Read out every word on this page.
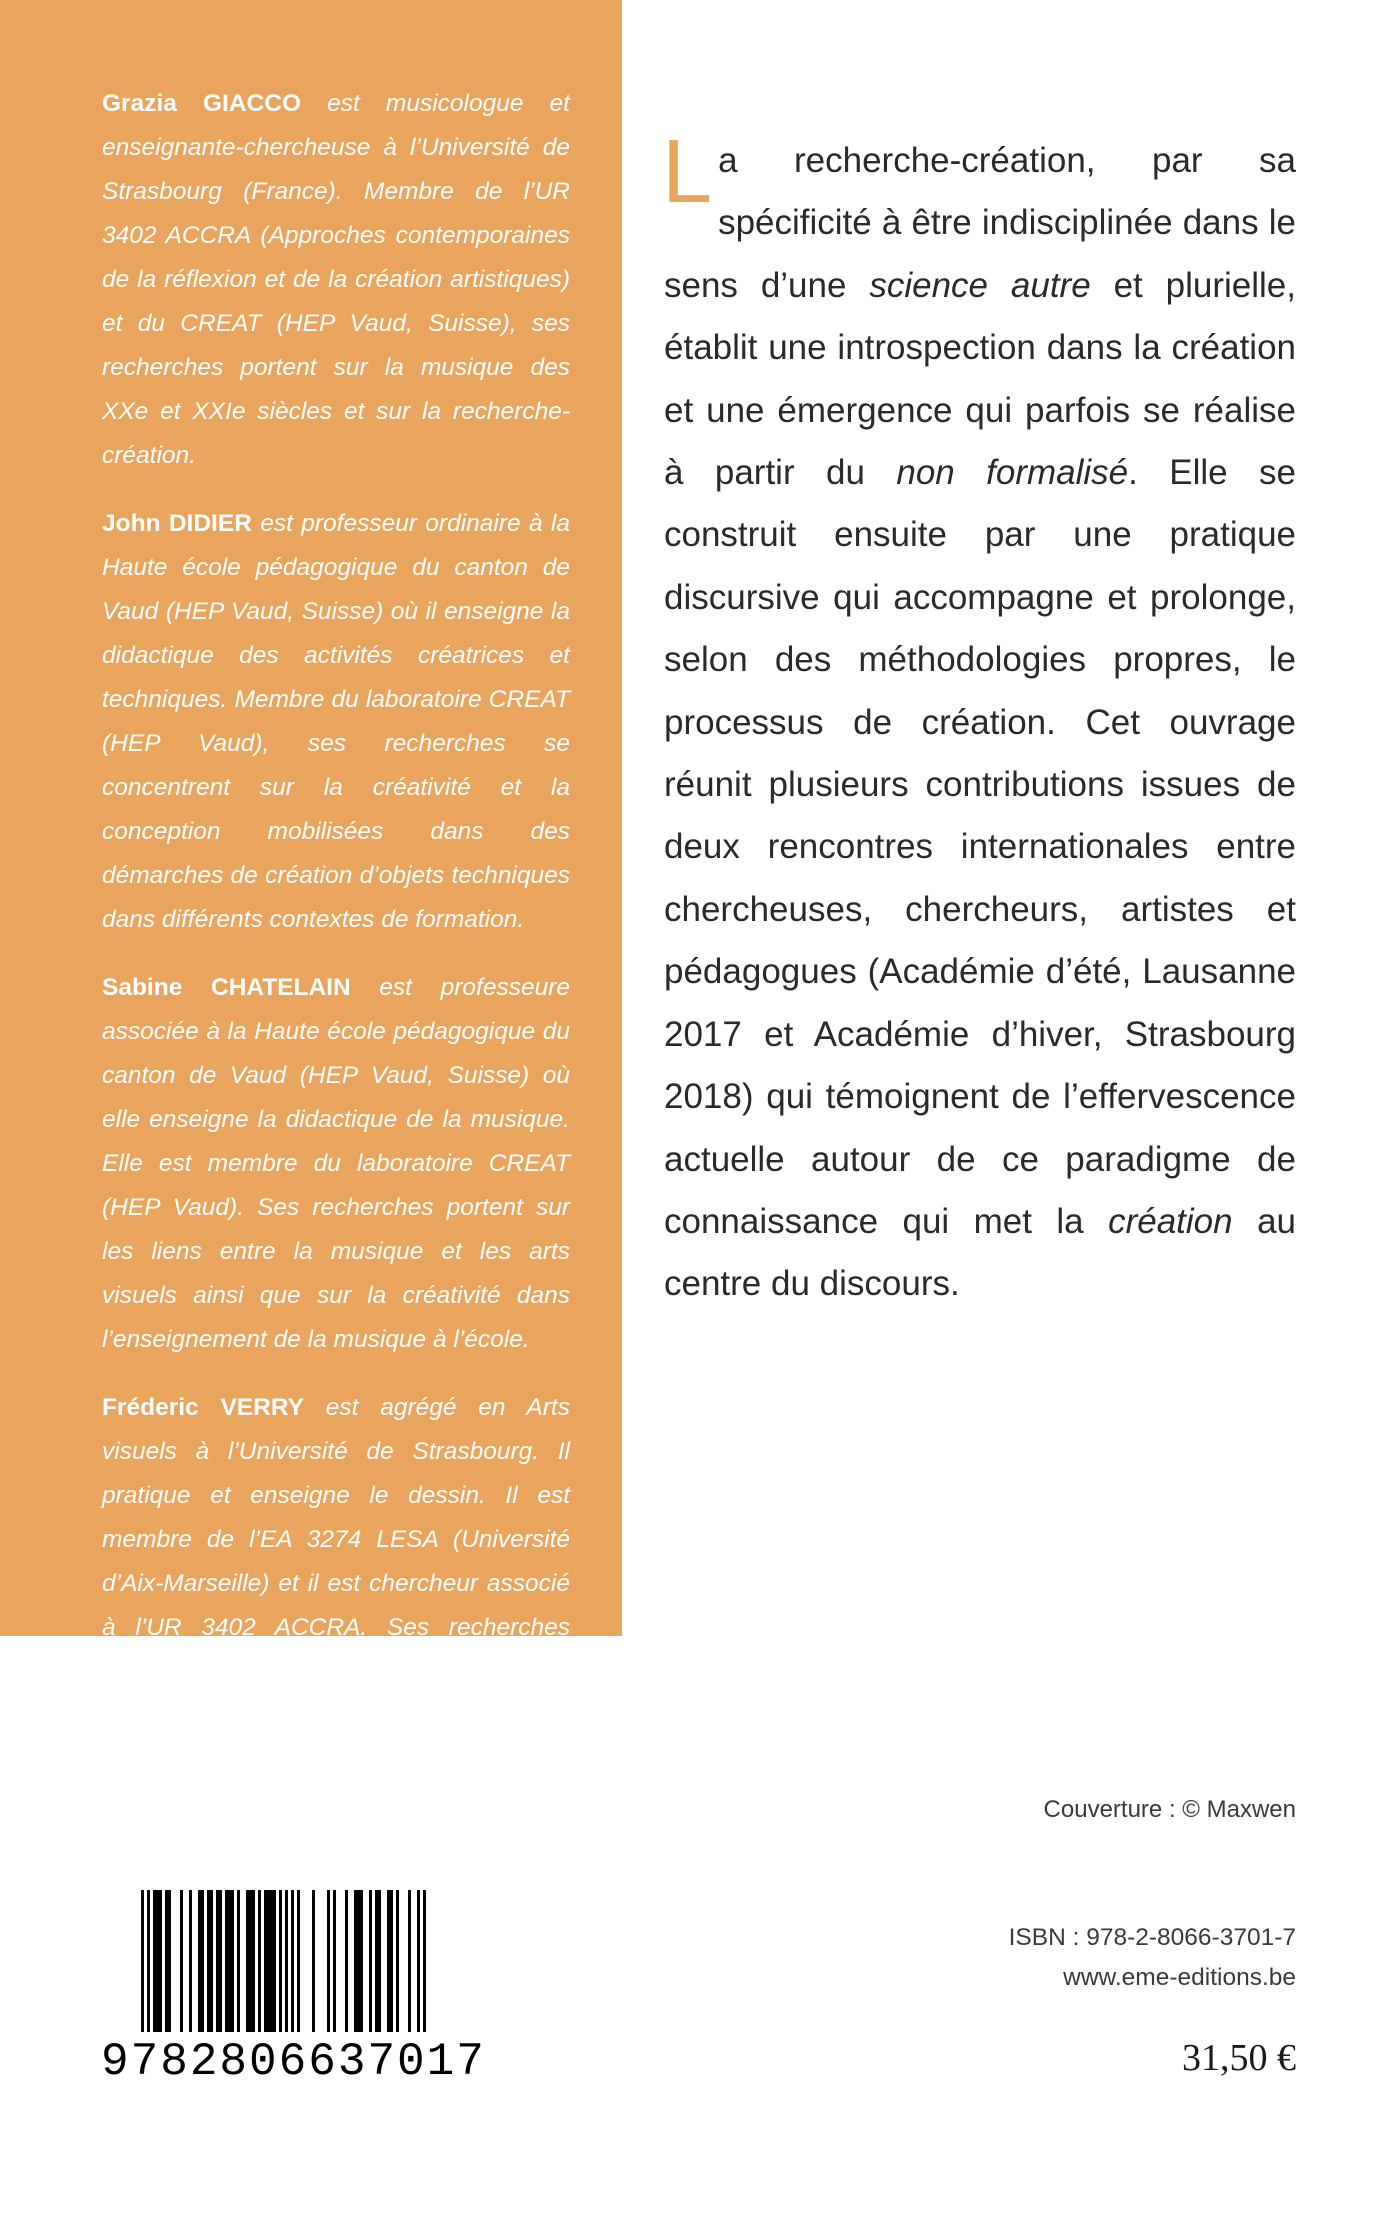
Grazia GIACCO est musicologue et enseignante-chercheuse à l’Université de Strasbourg (France). Membre de l’UR 3402 ACCRA (Approches contemporaines de la réflexion et de la création artistiques) et du CREAT (HEP Vaud, Suisse), ses recherches portent sur la musique des XXe et XXIe siècles et sur la recherche-création.

John DIDIER est professeur ordinaire à la Haute école pédagogique du canton de Vaud (HEP Vaud, Suisse) où il enseigne la didactique des activités créatrices et techniques. Membre du laboratoire CREAT (HEP Vaud), ses recherches se concentrent sur la créativité et la conception mobilisées dans des démarches de création d’objets techniques dans différents contextes de formation.

Sabine CHATELAIN est professeure associée à la Haute école pédagogique du canton de Vaud (HEP Vaud, Suisse) où elle enseigne la didactique de la musique. Elle est membre du laboratoire CREAT (HEP Vaud). Ses recherches portent sur les liens entre la musique et les arts visuels ainsi que sur la créativité dans l’enseignement de la musique à l’école.

Fréderic VERRY est agrégé en Arts visuels à l’Université de Strasbourg. Il pratique et enseigne le dessin. Il est membre de l’EA 3274 LESA (Université d’Aix-Marseille) et il est chercheur associé à l’UR 3402 ACCRA. Ses recherches portent sur les pratiques graphiques, le rêve et l’étrangeté dans les arts visuels.

La recherche-création, par sa spécificité à être indisciplinée dans le sens d’une science autre et plurielle, établit une introspection dans la création et une émergence qui parfois se réalise à partir du non formalisé. Elle se construit ensuite par une pratique discursive qui accompagne et prolonge, selon des méthodologies propres, le processus de création. Cet ouvrage réunit plusieurs contributions issues de deux rencontres internationales entre chercheuses, chercheurs, artistes et pédagogues (Académie d’été, Lausanne 2017 et Académie d’hiver, Strasbourg 2018) qui témoignent de l’effervescence actuelle autour de ce paradigme de connaissance qui met la création au centre du discours.

Couverture : © Maxwen
9782806637017
ISBN : 978-2-8066-3701-7
www.eme-editions.be
31,50 €
